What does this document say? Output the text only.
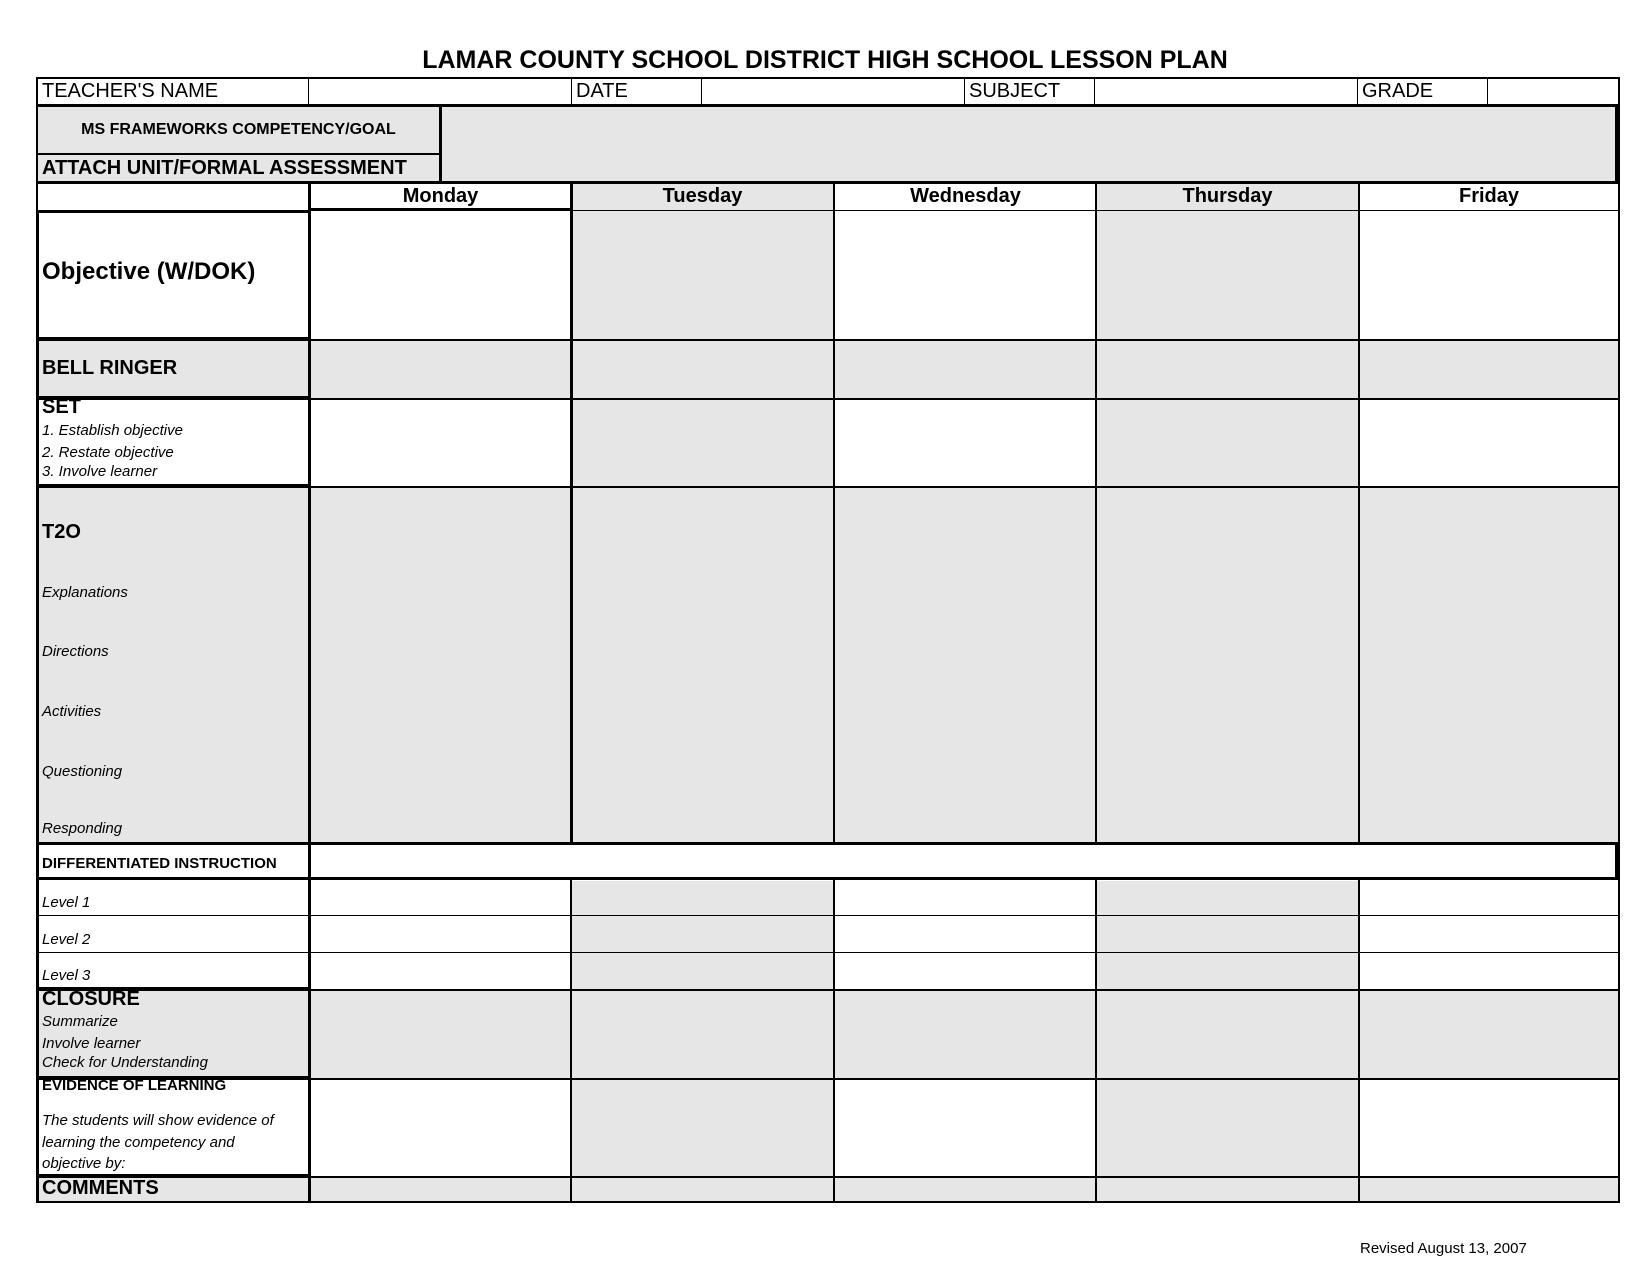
LAMAR COUNTY SCHOOL DISTRICT HIGH SCHOOL LESSON PLAN
TEACHER'S NAME	DATE	SUBJECT	GRADE
MS FRAMEWORKS COMPETENCY/GOAL
ATTACH UNIT/FORMAL ASSESSMENT
Monday	Tuesday	Wednesday	Thursday	Friday
Objective (W/DOK)
BELL RINGER
SET
1. Establish objective
2. Restate objective
3. Involve learner
T2O
Explanations
Directions
Activities
Questioning
Responding
DIFFERENTIATED INSTRUCTION
Level 1
Level 2
Level 3
CLOSURE
Summarize
Involve learner
Check for Understanding
EVIDENCE OF LEARNING
The students will show evidence of
learning the competency and
objective by:
COMMENTS
Revised August 13, 2007
